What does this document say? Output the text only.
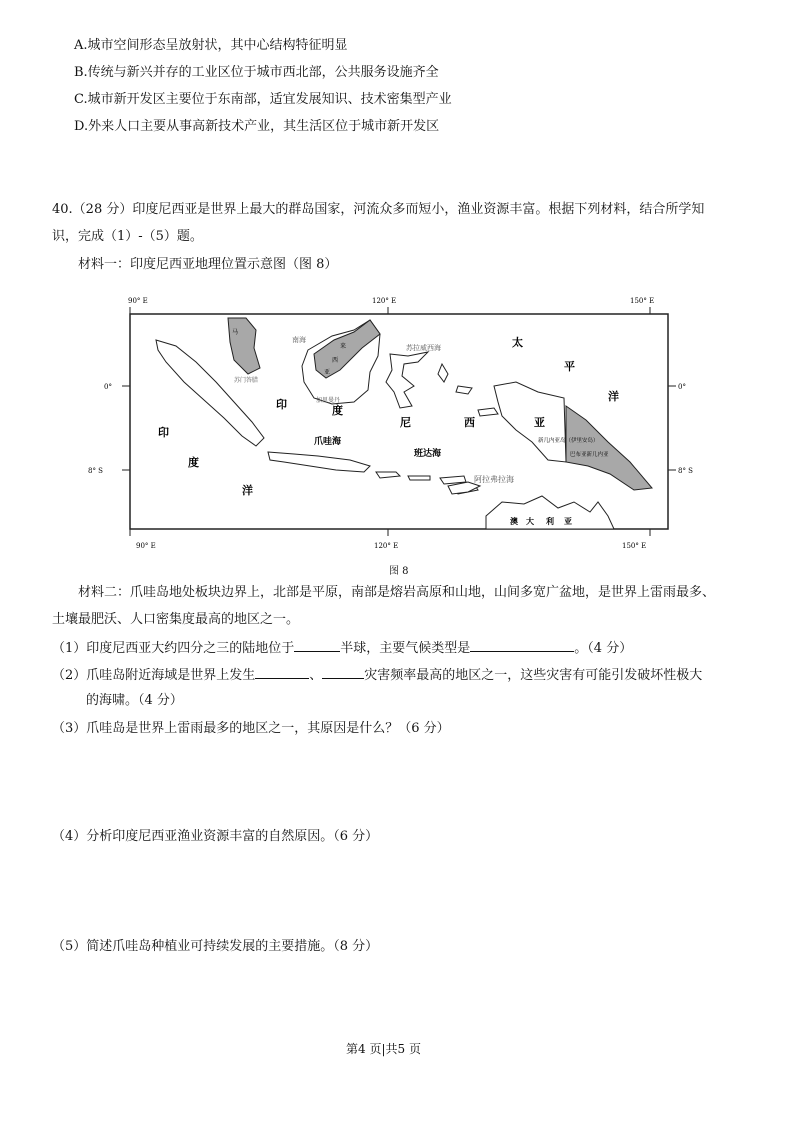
A.城市空间形态呈放射状，其中心结构特征明显
B.传统与新兴并存的工业区位于城市西北部，公共服务设施齐全
C.城市新开发区主要位于东南部，适宜发展知识、技术密集型产业
D.外来人口主要从事高新技术产业，其生活区位于城市新开发区
40.（28 分）印度尼西亚是世界上最大的群岛国家，河流众多而短小，渔业资源丰富。根据下列材料，结合所学知
识，完成（1）-（5）题。
材料一：印度尼西亚地理位置示意图（图 8）
90° E	120° E	150° E
90° E	120° E	150° E
0°
8° S
0°
8° S
印
度
洋
印	度
尼	西	亚
爪哇海
班达海
太
平
洋
澳 大 利 亚
南海
苏拉威西海
苏门答腊
加里曼丹
阿拉弗拉海
新几内亚岛（伊里安岛）
巴布亚新几内亚
马
来
西
亚
图 8
材料二：爪哇岛地处板块边界上，北部是平原，南部是熔岩高原和山地，山间多宽广盆地，是世界上雷雨最多、
土壤最肥沃、人口密集度最高的地区之一。
（1）印度尼西亚大约四分之三的陆地位于	半球，主要气候类型是	。（4 分）
（2）爪哇岛附近海域是世界上发生	、	灾害频率最高的地区之一，这些灾害有可能引发破坏性极大
的海啸。（4 分）
（3）爪哇岛是世界上雷雨最多的地区之一，其原因是什么？（6 分）
（4）分析印度尼西亚渔业资源丰富的自然原因。（6 分）
（5）简述爪哇岛种植业可持续发展的主要措施。（8 分）
第4 页|共5 页
